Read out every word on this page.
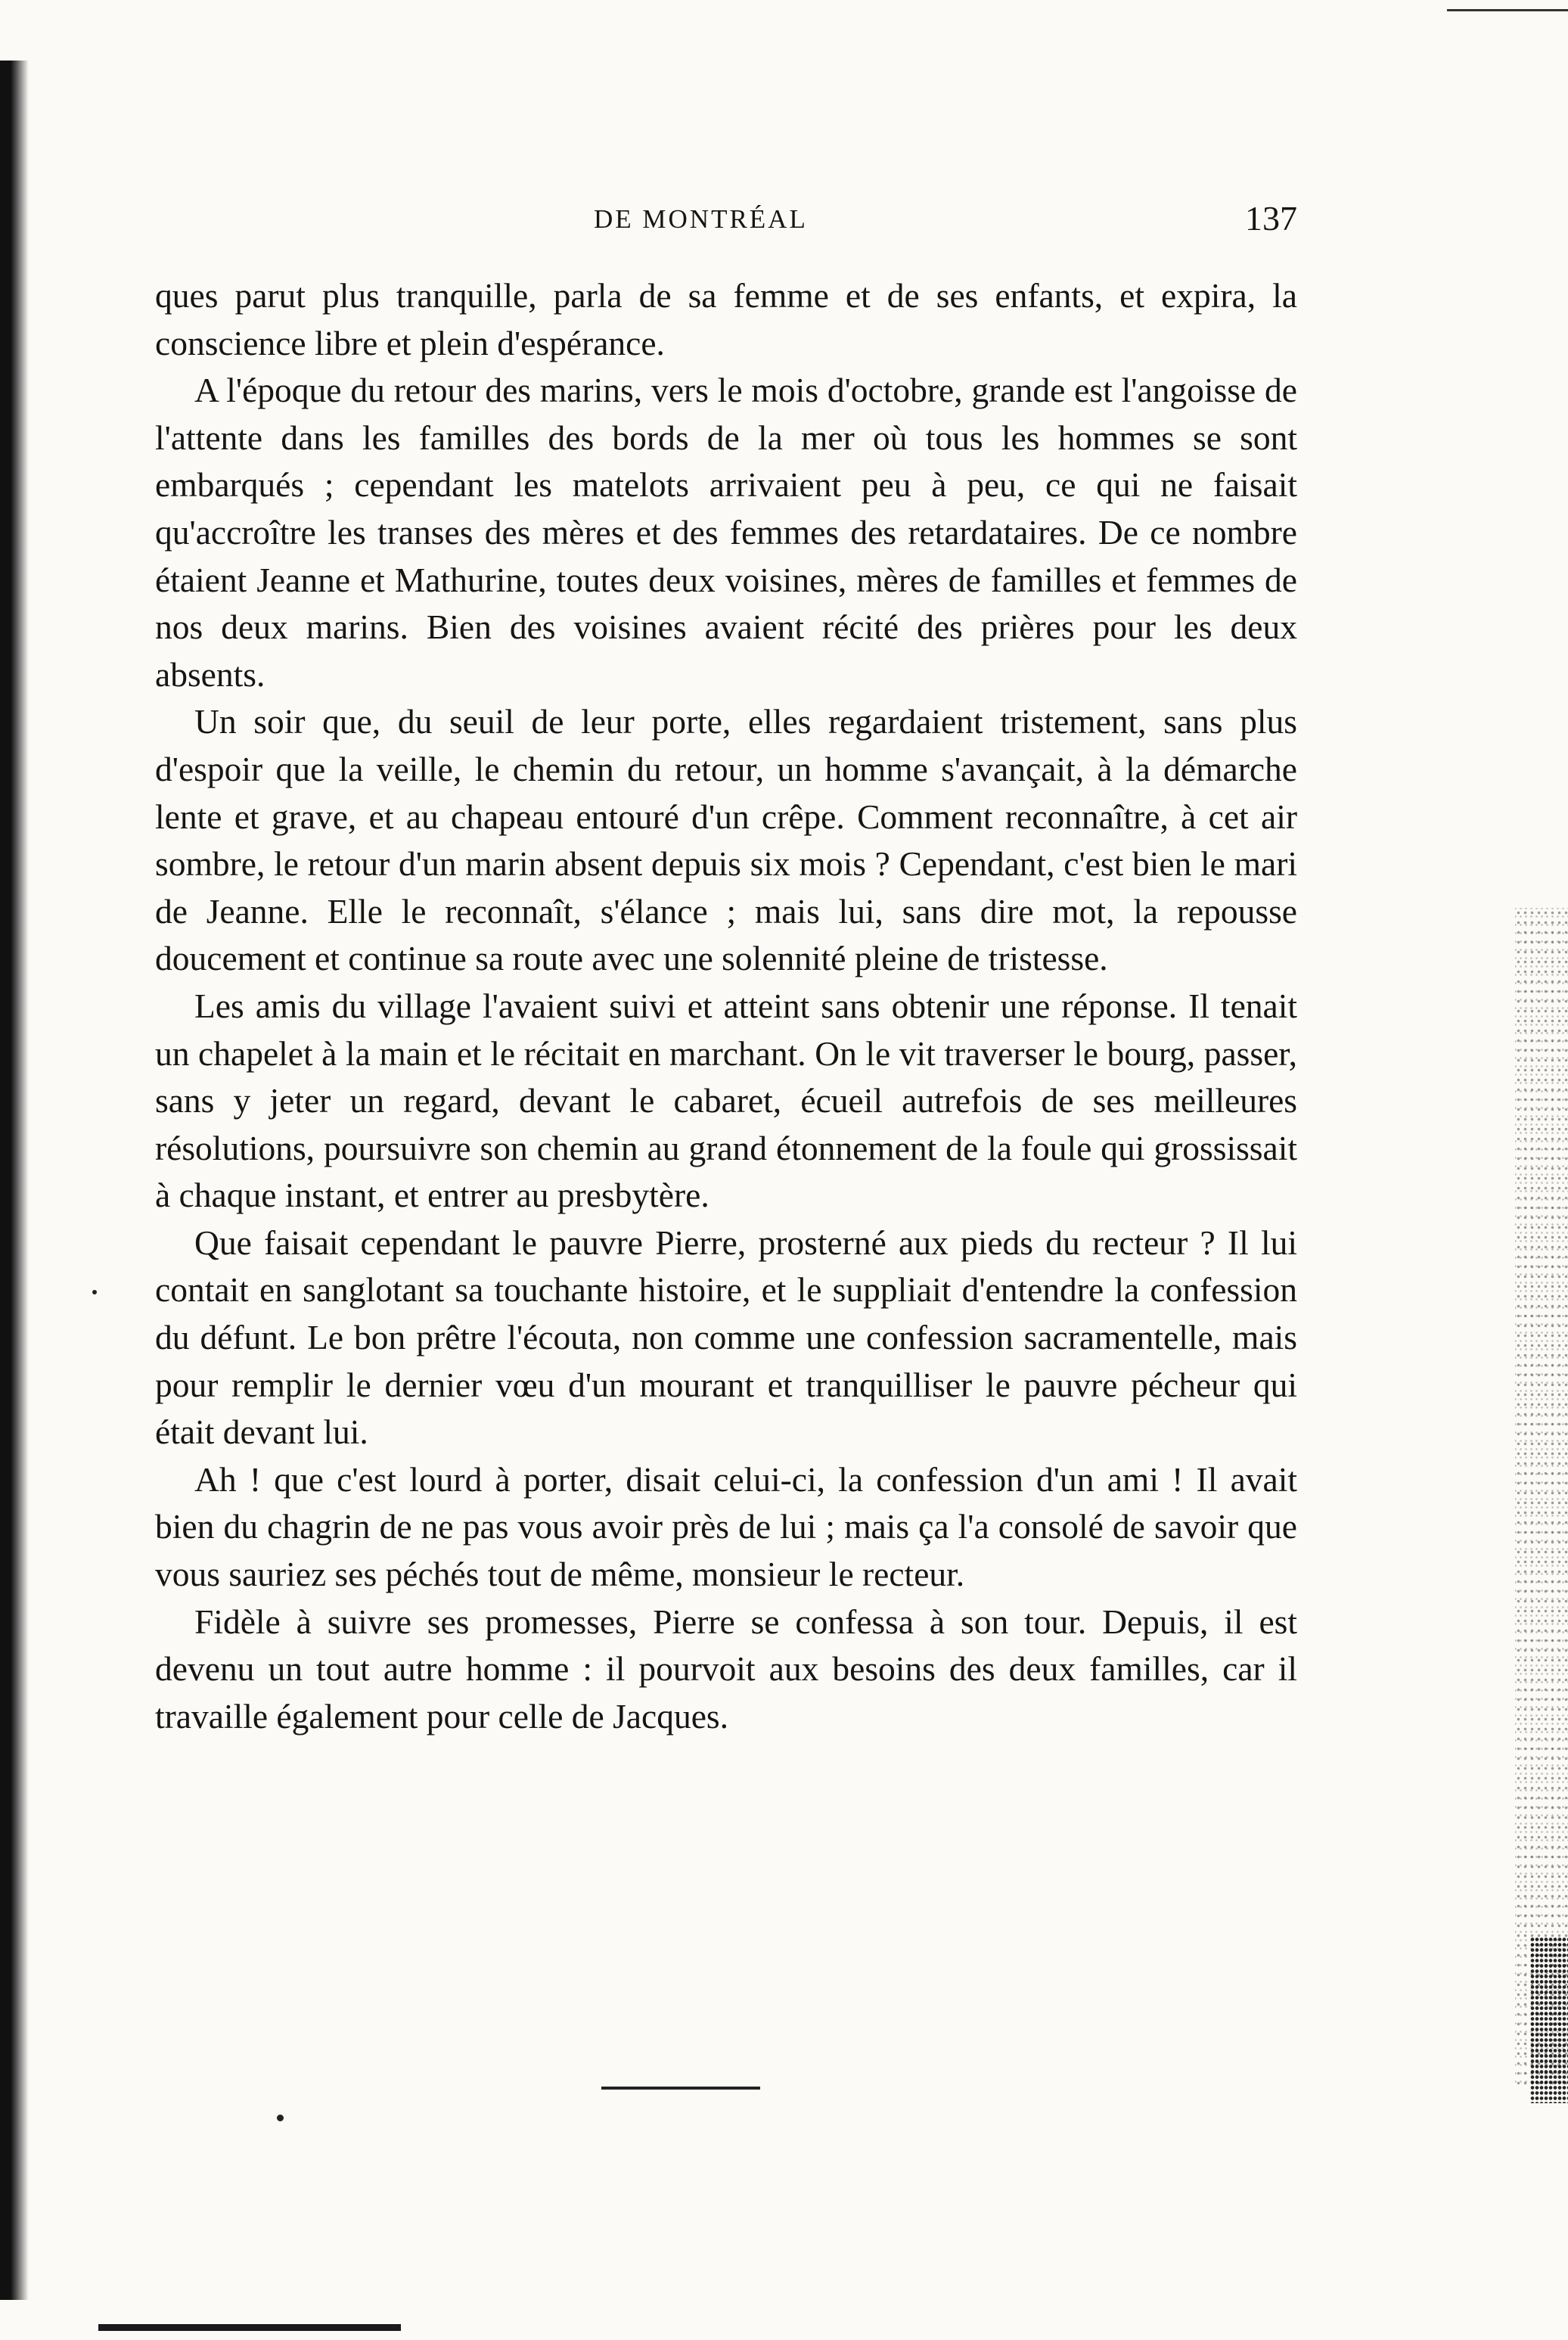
DE MONTRÉAL	137

ques parut plus tranquille, parla de sa femme et de ses enfants, et expira, la conscience libre et plein d'espérance.

A l'époque du retour des marins, vers le mois d'octobre, grande est l'angoisse de l'attente dans les familles des bords de la mer où tous les hommes se sont embarqués ; cependant les matelots arrivaient peu à peu, ce qui ne faisait qu'accroître les transes des mères et des femmes des retardataires. De ce nombre étaient Jeanne et Mathurine, toutes deux voisines, mères de familles et femmes de nos deux marins. Bien des voisines avaient récité des prières pour les deux absents.

Un soir que, du seuil de leur porte, elles regardaient tristement, sans plus d'espoir que la veille, le chemin du retour, un homme s'avançait, à la démarche lente et grave, et au chapeau entouré d'un crêpe. Comment reconnaître, à cet air sombre, le retour d'un marin absent depuis six mois ? Cependant, c'est bien le mari de Jeanne. Elle le reconnaît, s'élance ; mais lui, sans dire mot, la repousse doucement et continue sa route avec une solennité pleine de tristesse.

Les amis du village l'avaient suivi et atteint sans obtenir une réponse. Il tenait un chapelet à la main et le récitait en marchant. On le vit traverser le bourg, passer, sans y jeter un regard, devant le cabaret, écueil autrefois de ses meilleures résolutions, poursuivre son chemin au grand étonnement de la foule qui grossissait à chaque instant, et entrer au presbytère.

Que faisait cependant le pauvre Pierre, prosterné aux pieds du recteur ? Il lui contait en sanglotant sa touchante histoire, et le suppliait d'entendre la confession du défunt. Le bon prêtre l'écouta, non comme une confession sacramentelle, mais pour remplir le dernier vœu d'un mourant et tranquilliser le pauvre pécheur qui était devant lui.

Ah ! que c'est lourd à porter, disait celui-ci, la confession d'un ami ! Il avait bien du chagrin de ne pas vous avoir près de lui ; mais ça l'a consolé de savoir que vous sauriez ses péchés tout de même, monsieur le recteur.

Fidèle à suivre ses promesses, Pierre se confessa à son tour. Depuis, il est devenu un tout autre homme : il pourvoit aux besoins des deux familles, car il travaille également pour celle de Jacques.
